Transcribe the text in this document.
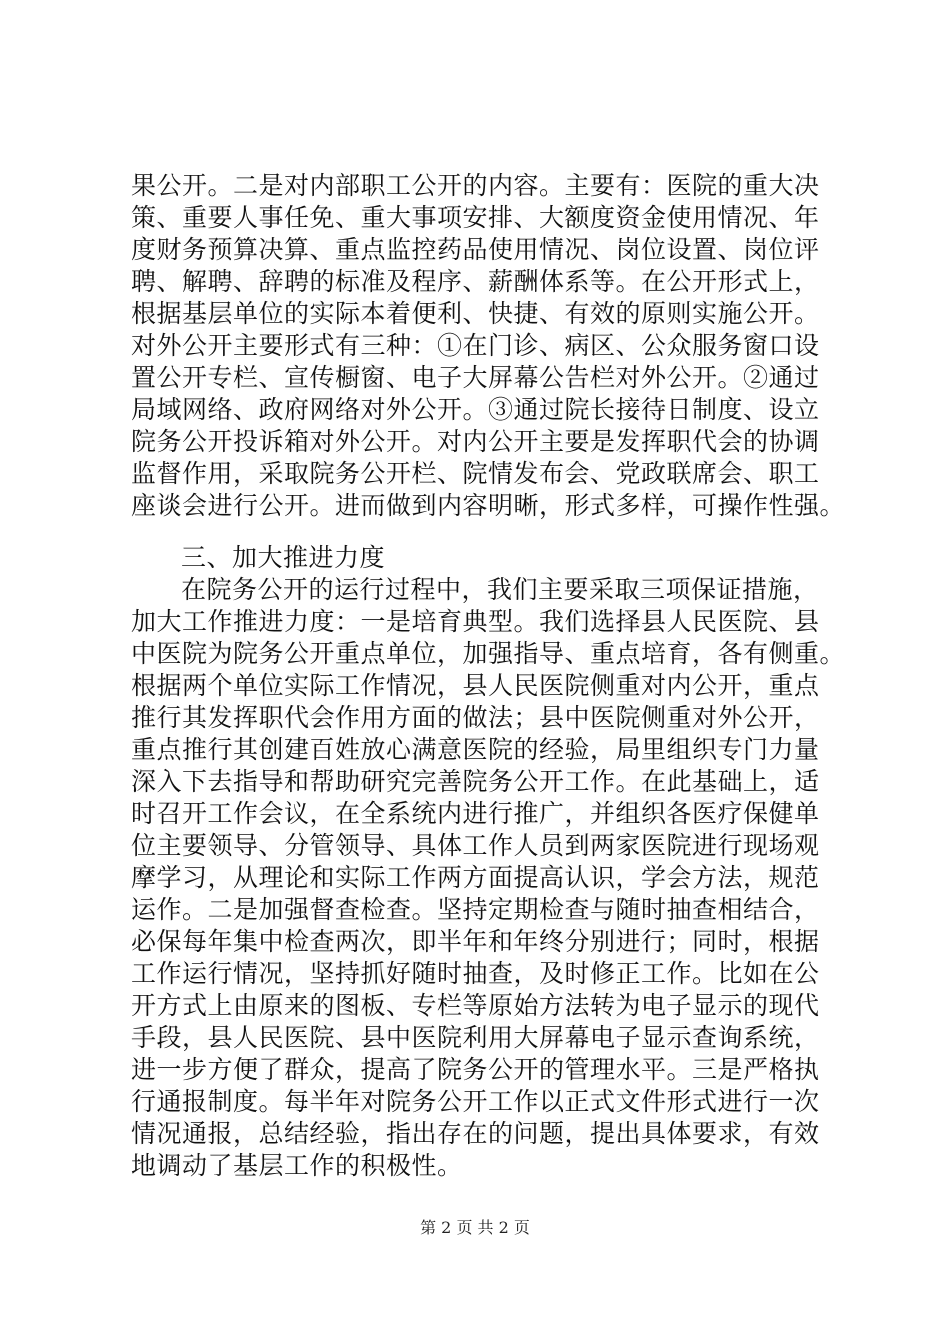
果公开。二是对内部职工公开的内容。主要有：医院的重大决
策、重要人事任免、重大事项安排、大额度资金使用情况、年
度财务预算决算、重点监控药品使用情况、岗位设置、岗位评
聘、解聘、辞聘的标准及程序、薪酬体系等。在公开形式上，
根据基层单位的实际本着便利、快捷、有效的原则实施公开。
对外公开主要形式有三种：①在门诊、病区、公众服务窗口设
置公开专栏、宣传橱窗、电子大屏幕公告栏对外公开。②通过
局域网络、政府网络对外公开。③通过院长接待日制度、设立
院务公开投诉箱对外公开。对内公开主要是发挥职代会的协调
监督作用，采取院务公开栏、院情发布会、党政联席会、职工
座谈会进行公开。进而做到内容明晰，形式多样，可操作性强。
三、加大推进力度
在院务公开的运行过程中，我们主要采取三项保证措施，
加大工作推进力度：一是培育典型。我们选择县人民医院、县
中医院为院务公开重点单位，加强指导、重点培育，各有侧重。
根据两个单位实际工作情况，县人民医院侧重对内公开，重点
推行其发挥职代会作用方面的做法；县中医院侧重对外公开，
重点推行其创建百姓放心满意医院的经验，局里组织专门力量
深入下去指导和帮助研究完善院务公开工作。在此基础上，适
时召开工作会议，在全系统内进行推广，并组织各医疗保健单
位主要领导、分管领导、具体工作人员到两家医院进行现场观
摩学习，从理论和实际工作两方面提高认识，学会方法，规范
运作。二是加强督查检查。坚持定期检查与随时抽查相结合，
必保每年集中检查两次，即半年和年终分别进行；同时，根据
工作运行情况，坚持抓好随时抽查，及时修正工作。比如在公
开方式上由原来的图板、专栏等原始方法转为电子显示的现代
手段，县人民医院、县中医院利用大屏幕电子显示查询系统，
进一步方便了群众，提高了院务公开的管理水平。三是严格执
行通报制度。每半年对院务公开工作以正式文件形式进行一次
情况通报，总结经验，指出存在的问题，提出具体要求，有效
地调动了基层工作的积极性。
第 2 页 共 2 页
